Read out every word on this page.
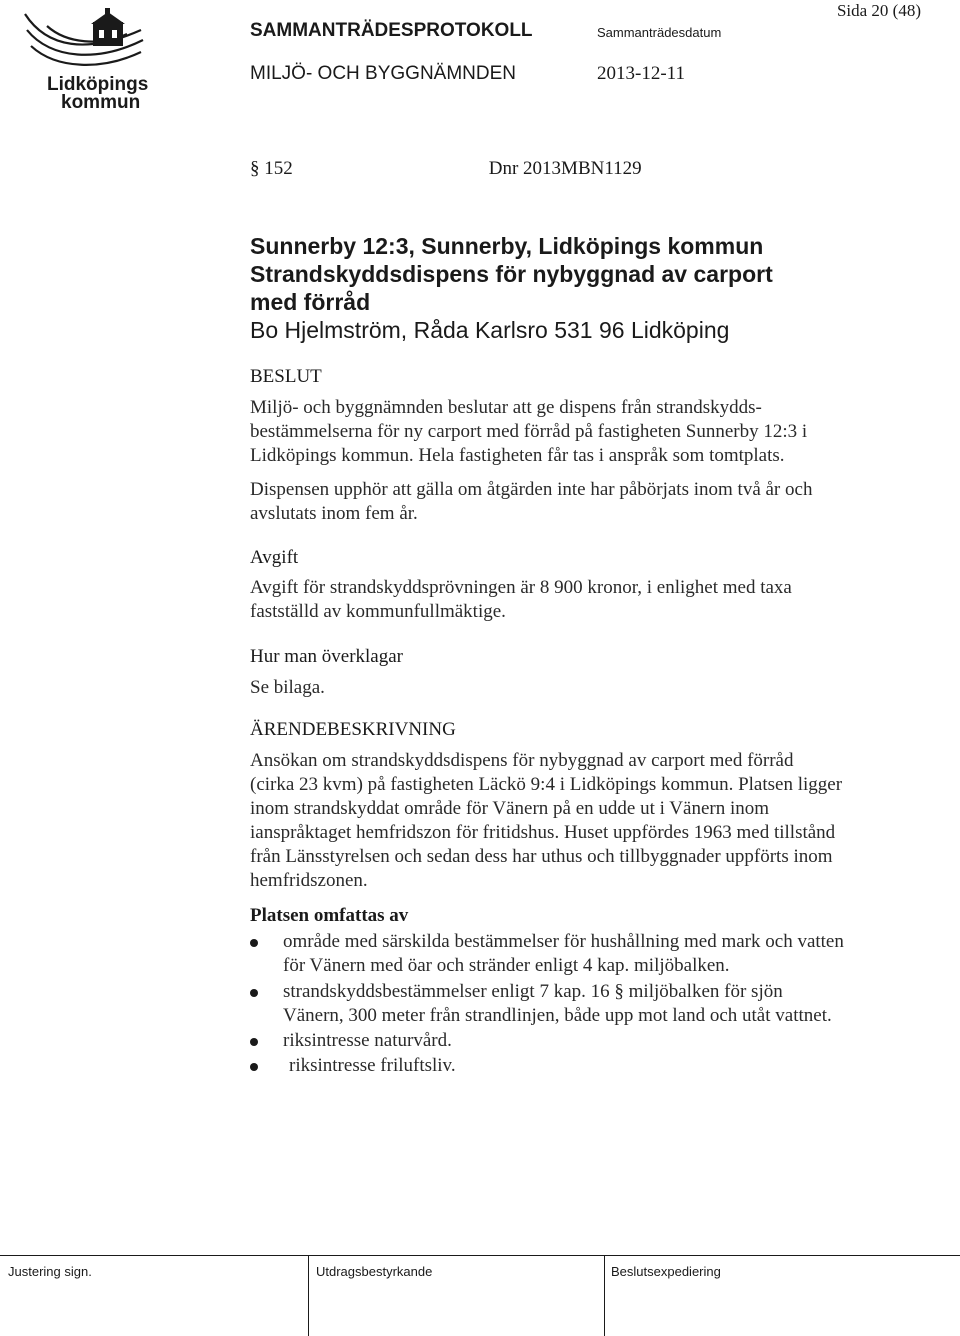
Lidköpings
kommun
Sida 20 (48)
SAMMANTRÄDESPROTOKOLL	Sammanträdesdatum
MILJÖ- OCH BYGGNÄMNDEN	2013-12-11
§ 152	Dnr 2013MBN1129
Sunnerby 12:3, Sunnerby, Lidköpings kommun
Strandskyddsdispens för nybyggnad av carport
med förråd
Bo Hjelmström, Råda Karlsro 531 96 Lidköping
BESLUT
Miljö- och byggnämnden beslutar att ge dispens från strandskydds-
bestämmelserna för ny carport med förråd på fastigheten Sunnerby 12:3 i
Lidköpings kommun. Hela fastigheten får tas i anspråk som tomtplats.
Dispensen upphör att gälla om åtgärden inte har påbörjats inom två år och
avslutats inom fem år.
Avgift
Avgift för strandskyddsprövningen är 8 900 kronor, i enlighet med taxa
fastställd av kommunfullmäktige.
Hur man överklagar
Se bilaga.
ÄRENDEBESKRIVNING
Ansökan om strandskyddsdispens för nybyggnad av carport med förråd
(cirka 23 kvm) på fastigheten Läckö 9:4 i Lidköpings kommun. Platsen ligger
inom strandskyddat område för Vänern på en udde ut i Vänern inom
ianspråktaget hemfridszon för fritidshus. Huset uppfördes 1963 med tillstånd
från Länsstyrelsen och sedan dess har uthus och tillbyggnader uppförts inom
hemfridszonen.
Platsen omfattas av
område med särskilda bestämmelser för hushållning med mark och vatten
för Vänern med öar och stränder enligt 4 kap. miljöbalken.
strandskyddsbestämmelser enligt 7 kap. 16 § miljöbalken för sjön
Vänern, 300 meter från strandlinjen, både upp mot land och utåt vattnet.
riksintresse naturvård.
riksintresse friluftsliv.
Justering sign.	Utdragsbestyrkande	Beslutsexpediering
